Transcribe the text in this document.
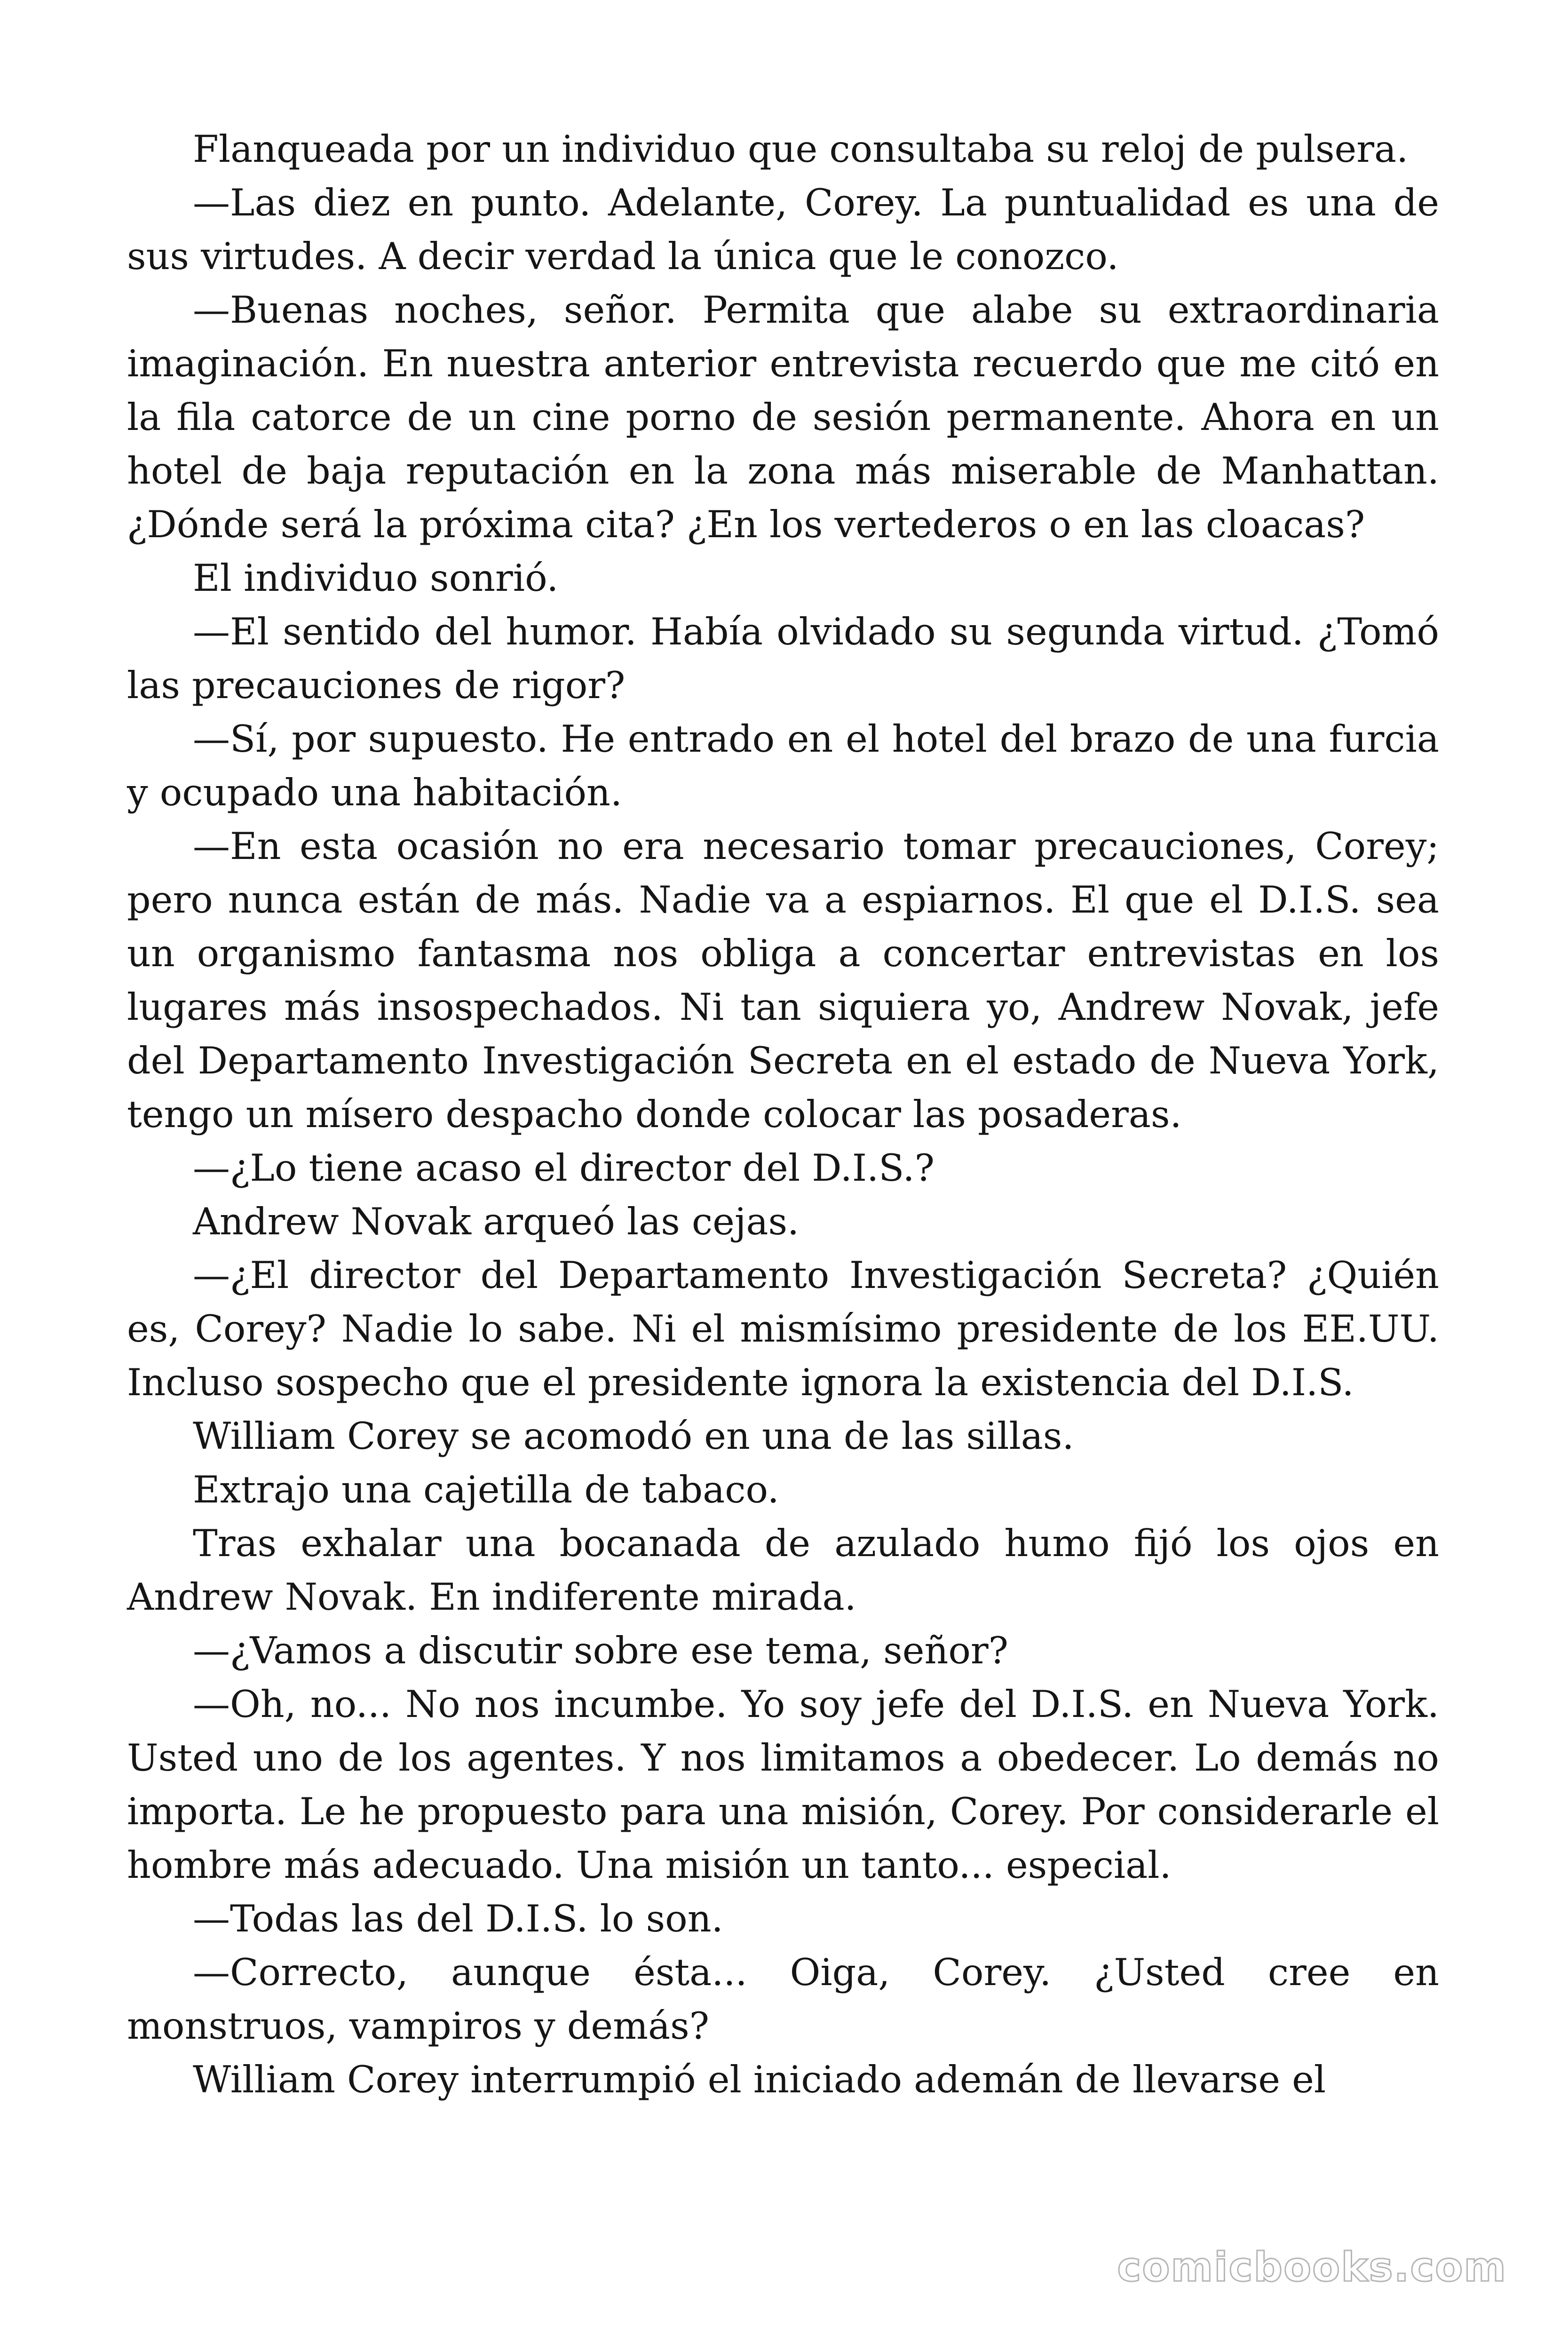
Flanqueada por un individuo que consultaba su reloj de pulsera.

—Las diez en punto. Adelante, Corey. La puntualidad es una de sus virtudes. A decir verdad la única que le conozco.

—Buenas noches, señor. Permita que alabe su extraordinaria imaginación. En nuestra anterior entrevista recuerdo que me citó en la fila catorce de un cine porno de sesión permanente. Ahora en un hotel de baja reputación en la zona más miserable de Manhattan. ¿Dónde será la próxima cita? ¿En los vertederos o en las cloacas?

El individuo sonrió.

—El sentido del humor. Había olvidado su segunda virtud. ¿Tomó las precauciones de rigor?

—Sí, por supuesto. He entrado en el hotel del brazo de una furcia y ocupado una habitación.

—En esta ocasión no era necesario tomar precauciones, Corey; pero nunca están de más. Nadie va a espiarnos. El que el D.I.S. sea un organismo fantasma nos obliga a concertar entrevistas en los lugares más insospechados. Ni tan siquiera yo, Andrew Novak, jefe del Departamento Investigación Secreta en el estado de Nueva York, tengo un mísero despacho donde colocar las posaderas.

—¿Lo tiene acaso el director del D.I.S.?

Andrew Novak arqueó las cejas.

—¿El director del Departamento Investigación Secreta? ¿Quién es, Corey? Nadie lo sabe. Ni el mismísimo presidente de los EE.UU. Incluso sospecho que el presidente ignora la existencia del D.I.S.

William Corey se acomodó en una de las sillas.

Extrajo una cajetilla de tabaco.

Tras exhalar una bocanada de azulado humo fijó los ojos en Andrew Novak. En indiferente mirada.

—¿Vamos a discutir sobre ese tema, señor?

—Oh, no... No nos incumbe. Yo soy jefe del D.I.S. en Nueva York. Usted uno de los agentes. Y nos limitamos a obedecer. Lo demás no importa. Le he propuesto para una misión, Corey. Por considerarle el hombre más adecuado. Una misión un tanto... especial.

—Todas las del D.I.S. lo son.

—Correcto, aunque ésta... Oiga, Corey. ¿Usted cree en monstruos, vampiros y demás?

William Corey interrumpió el iniciado ademán de llevarse el

comicbooks.com
